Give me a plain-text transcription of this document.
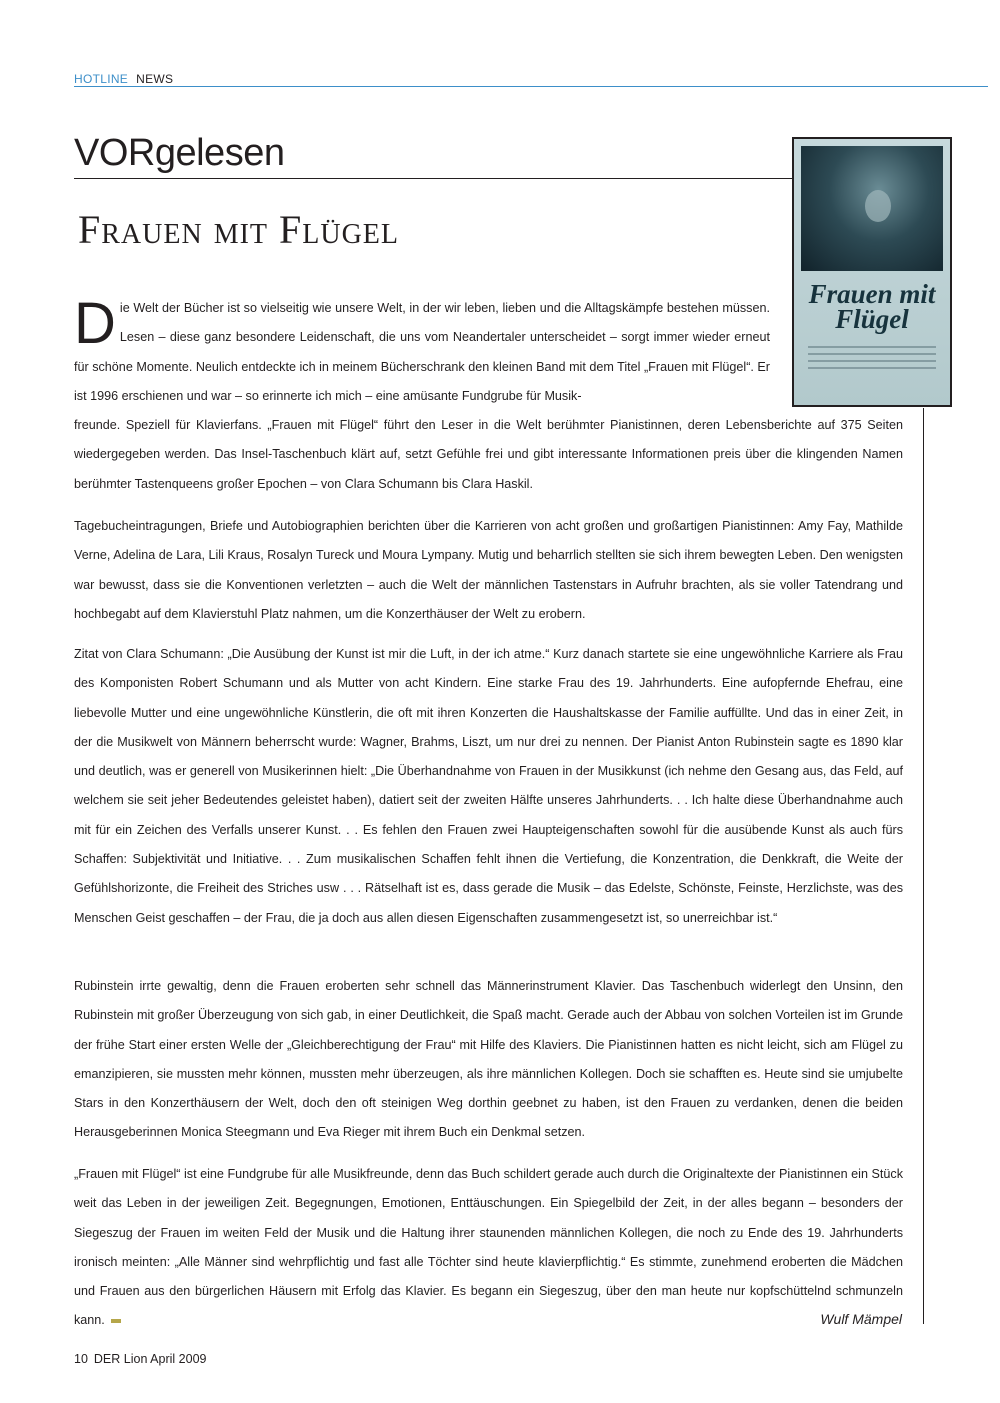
HOTLINE NEWS
VORgelesen
Frauen mit Flügel
Frauen mit Flügel

Die Welt der Bücher ist so vielseitig wie unsere Welt, in der wir leben, lieben und die Alltagskämpfe bestehen müssen. Lesen – diese ganz besondere Leidenschaft, die uns vom Neandertaler unterscheidet – sorgt immer wieder erneut für schöne Momente. Neulich entdeckte ich in meinem Bücherschrank den kleinen Band mit dem Titel „Frauen mit Flügel“. Er ist 1996 erschienen und war – so erinnerte ich mich – eine amüsante Fundgrube für Musik-

freunde. Speziell für Klavierfans. „Frauen mit Flügel“ führt den Leser in die Welt berühmter Pianistinnen, deren Lebensberichte auf 375 Seiten wiedergegeben werden. Das Insel-Taschenbuch klärt auf, setzt Gefühle frei und gibt interessante Informationen preis über die klingenden Namen berühmter Tastenqueens großer Epochen – von Clara Schumann bis Clara Haskil.

Tagebucheintragungen, Briefe und Autobiographien berichten über die Karrieren von acht großen und großartigen Pianistinnen: Amy Fay, Mathilde Verne, Adelina de Lara, Lili Kraus, Rosalyn Tureck und Moura Lympany. Mutig und beharrlich stellten sie sich ihrem bewegten Leben. Den wenigsten war bewusst, dass sie die Konventionen verletzten – auch die Welt der männlichen Tastenstars in Aufruhr brachten, als sie voller Tatendrang und hochbegabt auf dem Klavierstuhl Platz nahmen, um die Konzerthäuser der Welt zu erobern.

Zitat von Clara Schumann: „Die Ausübung der Kunst ist mir die Luft, in der ich atme.“ Kurz danach startete sie eine ungewöhnliche Karriere als Frau des Komponisten Robert Schumann und als Mutter von acht Kindern. Eine starke Frau des 19. Jahrhunderts. Eine aufopfernde Ehefrau, eine liebevolle Mutter und eine ungewöhnliche Künstlerin, die oft mit ihren Konzerten die Haushaltskasse der Familie auffüllte. Und das in einer Zeit, in der die Musikwelt von Männern beherrscht wurde: Wagner, Brahms, Liszt, um nur drei zu nennen. Der Pianist Anton Rubinstein sagte es 1890 klar und deutlich, was er generell von Musikerinnen hielt: „Die Überhandnahme von Frauen in der Musikkunst (ich nehme den Gesang aus, das Feld, auf welchem sie seit jeher Bedeutendes geleistet haben), datiert seit der zweiten Hälfte unseres Jahrhunderts. . . Ich halte diese Überhandnahme auch mit für ein Zeichen des Verfalls unserer Kunst. . . Es fehlen den Frauen zwei Haupteigenschaften sowohl für die ausübende Kunst als auch fürs Schaffen: Subjektivität und Initiative. . . Zum musikalischen Schaffen fehlt ihnen die Vertiefung, die Konzentration, die Denkkraft, die Weite der Gefühlshorizonte, die Freiheit des Striches usw . . . Rätselhaft ist es, dass gerade die Musik – das Edelste, Schönste, Feinste, Herzlichste, was des Menschen Geist geschaffen – der Frau, die ja doch aus allen diesen Eigenschaften zusammengesetzt ist, so unerreichbar ist.“

Rubinstein irrte gewaltig, denn die Frauen eroberten sehr schnell das Männerinstrument Klavier. Das Taschenbuch widerlegt den Unsinn, den Rubinstein mit großer Überzeugung von sich gab, in einer Deutlichkeit, die Spaß macht. Gerade auch der Abbau von solchen Vorteilen ist im Grunde der frühe Start einer ersten Welle der „Gleichberechtigung der Frau“ mit Hilfe des Klaviers. Die Pianistinnen hatten es nicht leicht, sich am Flügel zu emanzipieren, sie mussten mehr können, mussten mehr überzeugen, als ihre männlichen Kollegen. Doch sie schafften es. Heute sind sie umjubelte Stars in den Konzerthäusern der Welt, doch den oft steinigen Weg dorthin geebnet zu haben, ist den Frauen zu verdanken, denen die beiden Herausgeberinnen Monica Steegmann und Eva Rieger mit ihrem Buch ein Denkmal setzen.

„Frauen mit Flügel“ ist eine Fundgrube für alle Musikfreunde, denn das Buch schildert gerade auch durch die Originaltexte der Pianistinnen ein Stück weit das Leben in der jeweiligen Zeit. Begegnungen, Emotionen, Enttäuschungen. Ein Spiegelbild der Zeit, in der alles begann – besonders der Siegeszug der Frauen im weiten Feld der Musik und die Haltung ihrer staunenden männlichen Kollegen, die noch zu Ende des 19. Jahrhunderts ironisch meinten: „Alle Männer sind wehrpflichtig und fast alle Töchter sind heute klavierpflichtig.“ Es stimmte, zunehmend eroberten die Mädchen und Frauen aus den bürgerlichen Häusern mit Erfolg das Klavier. Es begann ein Siegeszug, über den man heute nur kopfschüttelnd schmunzeln kann.	Wulf Mämpel
10 DER Lion April 2009
